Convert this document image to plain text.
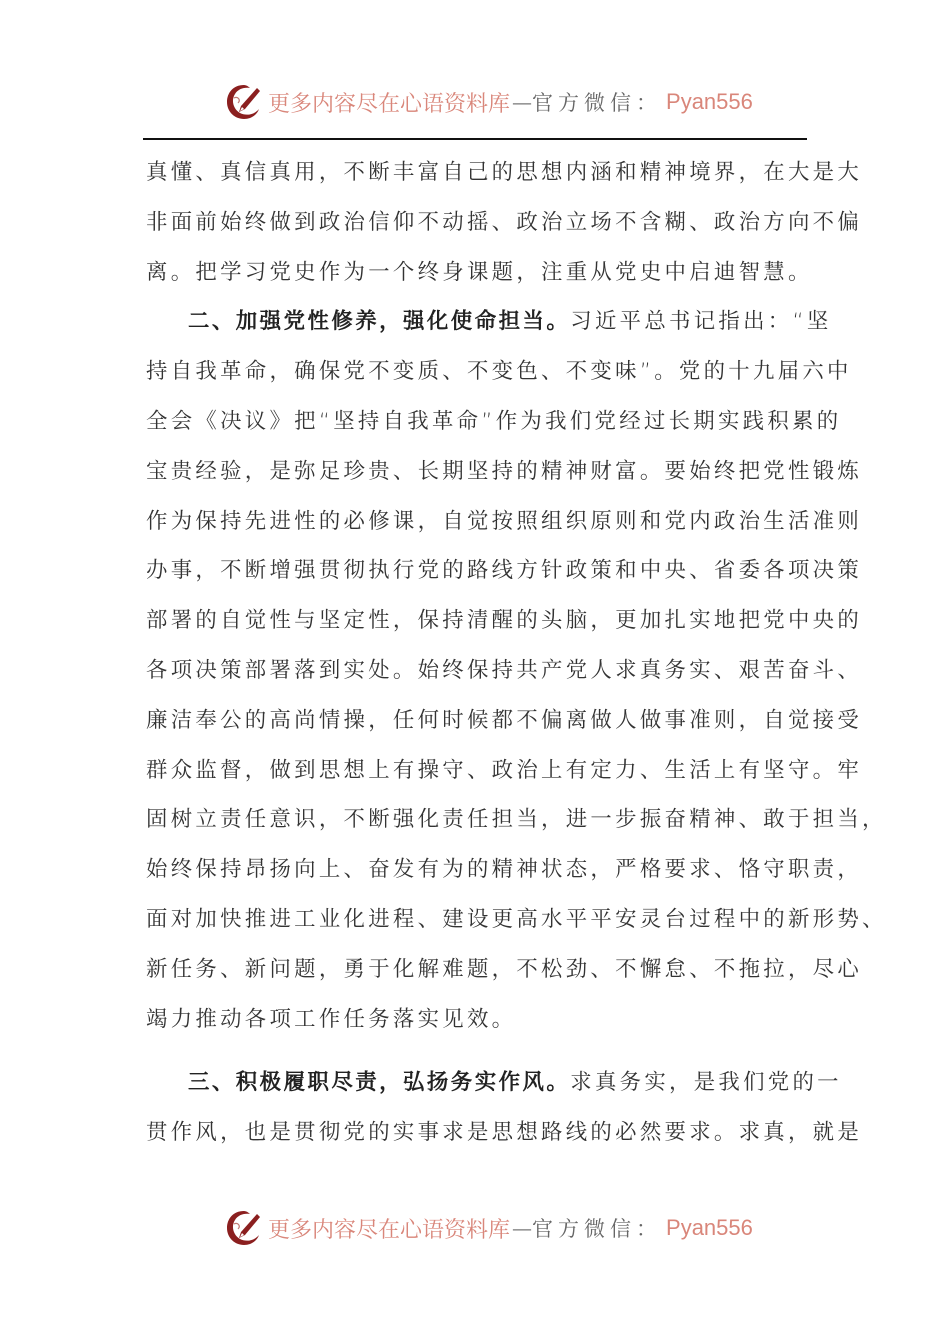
更多内容尽在心语资料库 — 官方微信： Pyan556
真懂、真信真用，不断丰富自己的思想内涵和精神境界，在大是大
非面前始终做到政治信仰不动摇、政治立场不含糊、政治方向不偏
离。把学习党史作为一个终身课题，注重从党史中启迪智慧。
二、加强党性修养，强化使命担当。习近平总书记指出：“坚
持自我革命，确保党不变质、不变色、不变味”。党的十九届六中
全会《决议》把“坚持自我革命”作为我们党经过长期实践积累的
宝贵经验，是弥足珍贵、长期坚持的精神财富。要始终把党性锻炼
作为保持先进性的必修课，自觉按照组织原则和党内政治生活准则
办事，不断增强贯彻执行党的路线方针政策和中央、省委各项决策
部署的自觉性与坚定性，保持清醒的头脑，更加扎实地把党中央的
各项决策部署落到实处。始终保持共产党人求真务实、艰苦奋斗、
廉洁奉公的高尚情操，任何时候都不偏离做人做事准则，自觉接受
群众监督，做到思想上有操守、政治上有定力、生活上有坚守。牢
固树立责任意识，不断强化责任担当，进一步振奋精神、敢于担当，
始终保持昂扬向上、奋发有为的精神状态，严格要求、恪守职责，
面对加快推进工业化进程、建设更高水平平安灵台过程中的新形势、
新任务、新问题，勇于化解难题，不松劲、不懈怠、不拖拉，尽心
竭力推动各项工作任务落实见效。
三、积极履职尽责，弘扬务实作风。求真务实，是我们党的一
贯作风，也是贯彻党的实事求是思想路线的必然要求。求真，就是
更多内容尽在心语资料库 — 官方微信： Pyan556
